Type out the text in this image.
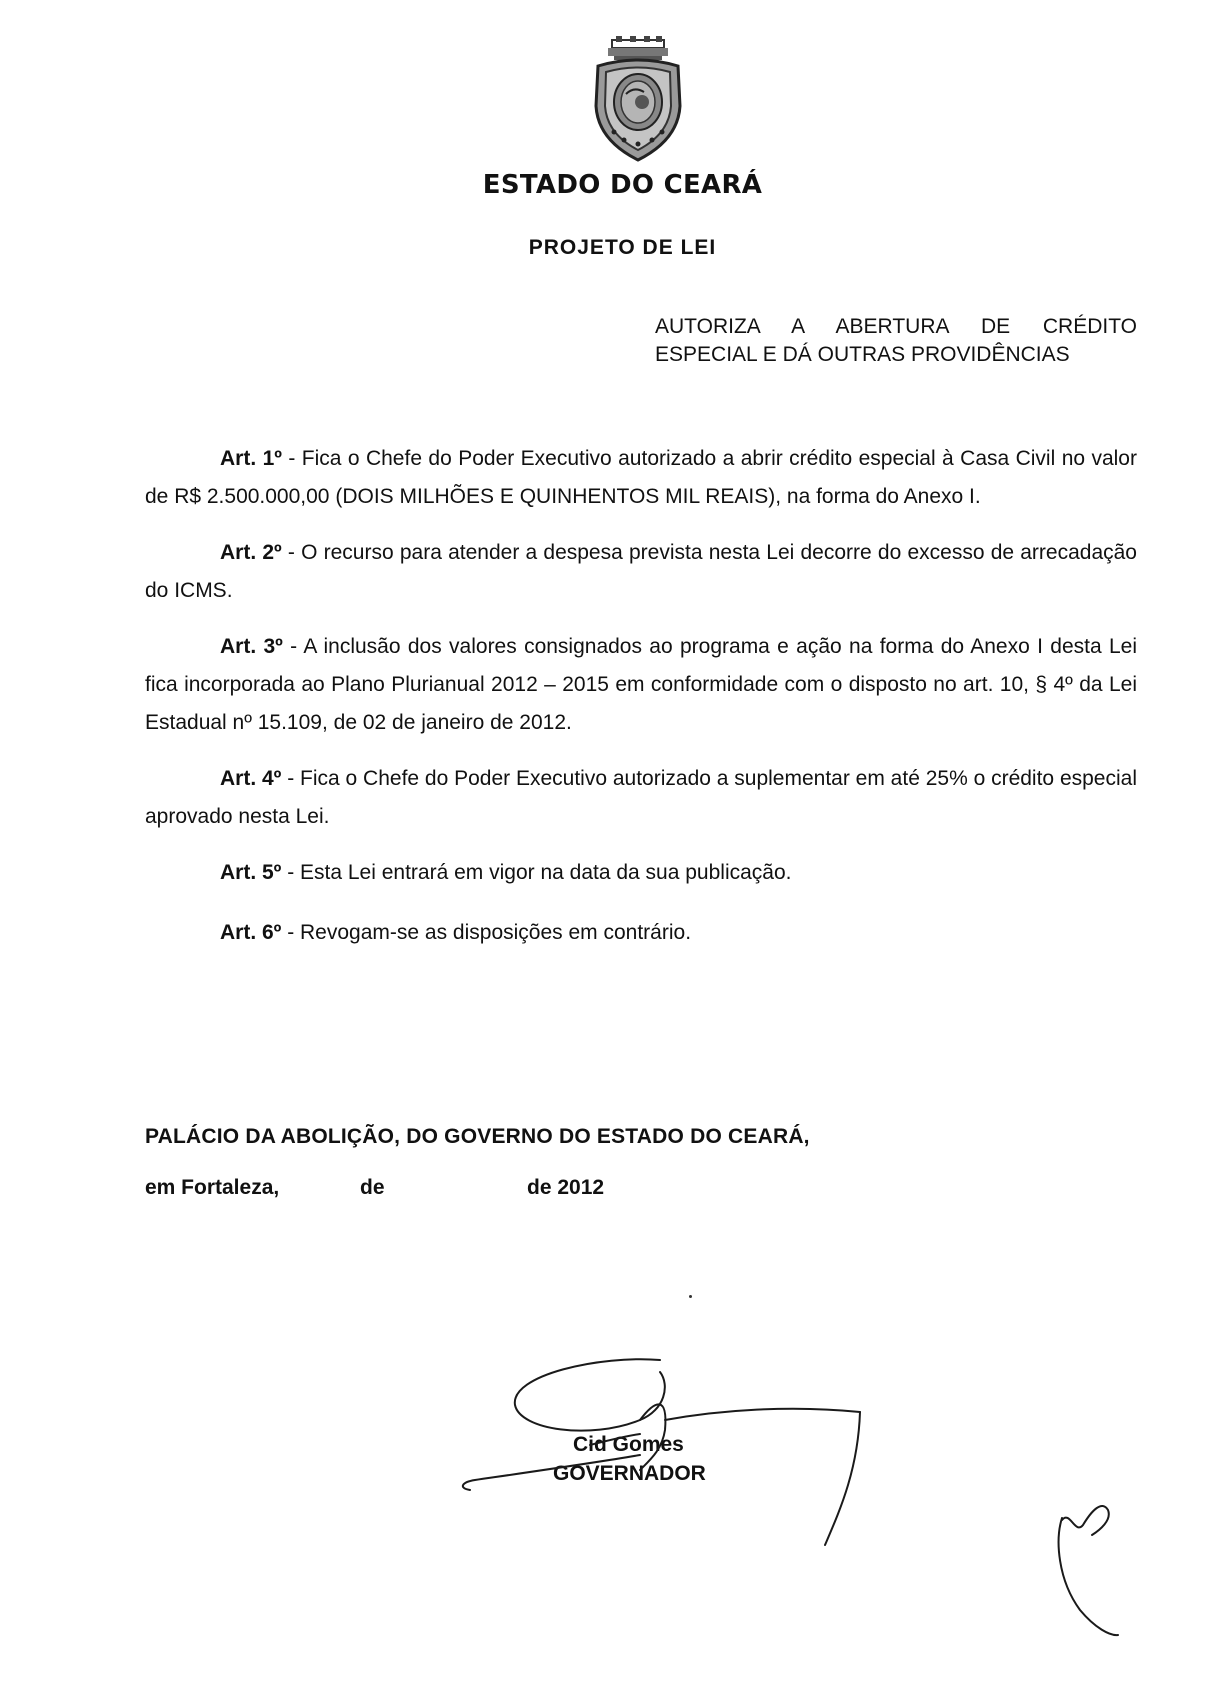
ESTADO DO CEARÁ
PROJETO DE LEI
AUTORIZA A ABERTURA DE CRÉDITO
ESPECIAL E DÁ OUTRAS PROVIDÊNCIAS

Art. 1º - Fica o Chefe do Poder Executivo autorizado a abrir crédito especial à Casa Civil no valor de R$ 2.500.000,00 (DOIS MILHÕES E QUINHENTOS MIL REAIS), na forma do Anexo I.

Art. 2º - O recurso para atender a despesa prevista nesta Lei decorre do excesso de arrecadação do ICMS.

Art. 3º - A inclusão dos valores consignados ao programa e ação na forma do Anexo I desta Lei fica incorporada ao Plano Plurianual 2012 – 2015 em conformidade com o disposto no art. 10, § 4º da Lei Estadual nº 15.109, de 02 de janeiro de 2012.

Art. 4º - Fica o Chefe do Poder Executivo autorizado a suplementar em até 25% o crédito especial aprovado nesta Lei.

Art. 5º - Esta Lei entrará em vigor na data da sua publicação.

Art. 6º - Revogam-se as disposições em contrário.

PALÁCIO DA ABOLIÇÃO, DO GOVERNO DO ESTADO DO CEARÁ,
em Fortaleza,	de	de 2012
Cid Gomes
GOVERNADOR
